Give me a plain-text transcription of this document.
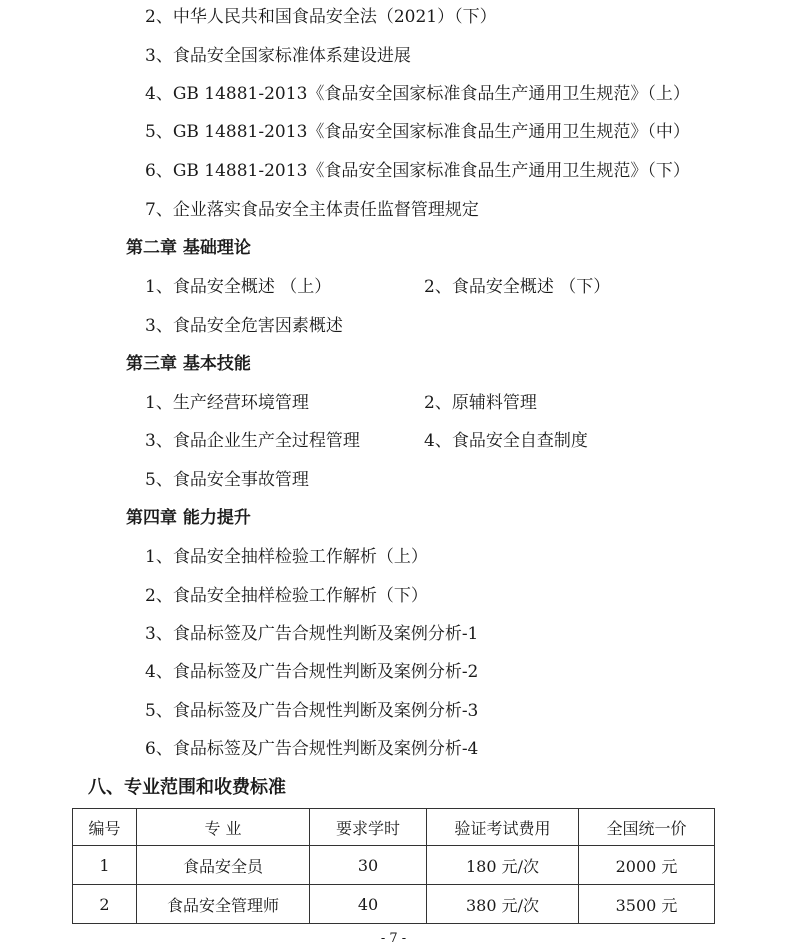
2、中华人民共和国食品安全法（2021）（下）
3、食品安全国家标准体系建设进展
4、GB 14881-2013《食品安全国家标准食品生产通用卫生规范》（上）
5、GB 14881-2013《食品安全国家标准食品生产通用卫生规范》（中）
6、GB 14881-2013《食品安全国家标准食品生产通用卫生规范》（下）
7、企业落实食品安全主体责任监督管理规定
第二章 基础理论
1、食品安全概述 （上）	2、食品安全概述 （下）
3、食品安全危害因素概述
第三章 基本技能
1、生产经营环境管理	2、原辅料管理
3、食品企业生产全过程管理	4、食品安全自查制度
5、食品安全事故管理
第四章 能力提升
1、食品安全抽样检验工作解析（上）
2、食品安全抽样检验工作解析（下）
3、食品标签及广告合规性判断及案例分析-1
4、食品标签及广告合规性判断及案例分析-2
5、食品标签及广告合规性判断及案例分析-3
6、食品标签及广告合规性判断及案例分析-4
八、专业范围和收费标准
编号	专 业	要求学时	验证考试费用	全国统一价
1	食品安全员	30	180 元/次	2000 元
2	食品安全管理师	40	380 元/次	3500 元
- 7 -
